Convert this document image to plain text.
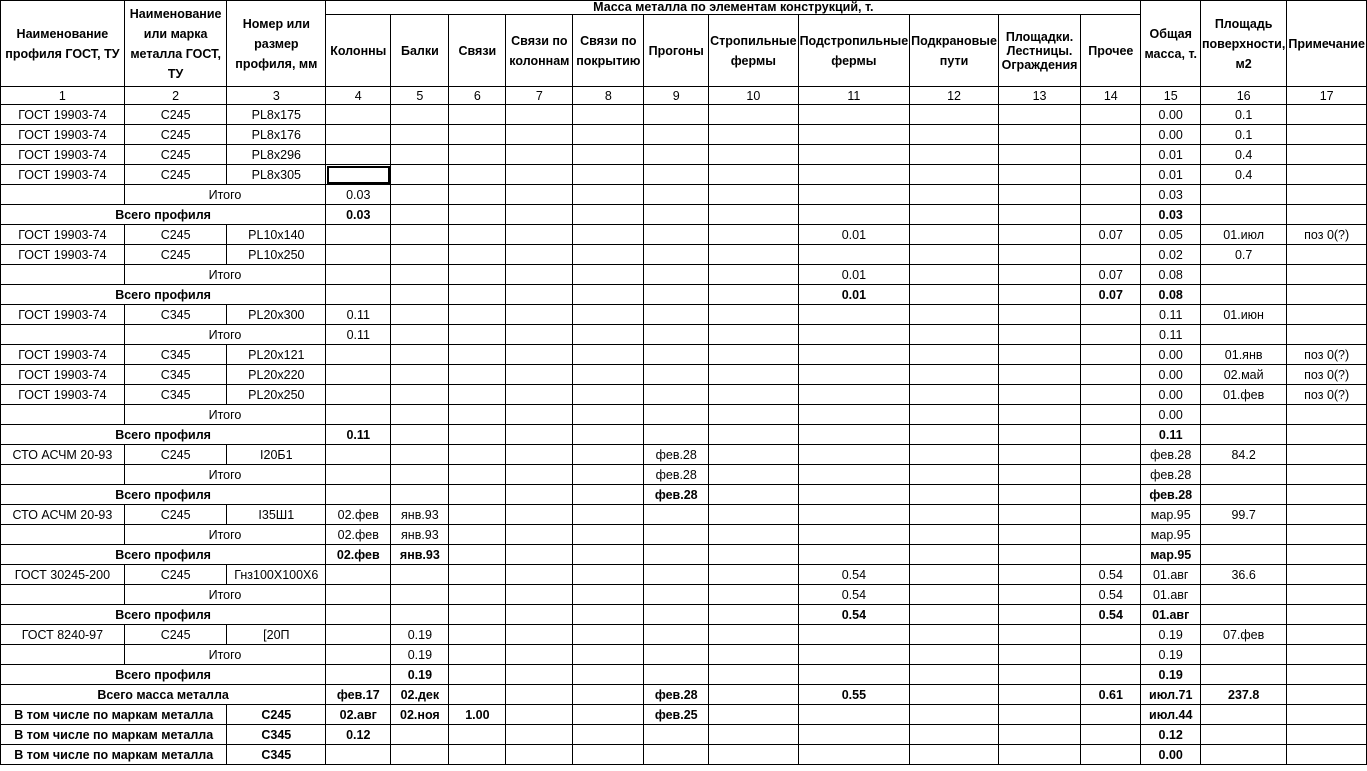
Наименование профиля ГОСТ, ТУ	Наименование или марка металла ГОСТ, ТУ	Номер или размер профиля, мм	Масса металла по элементам конструкций, т.											Общая масса, т.	Площадь поверхности, м2	Примечание
			Колонны	Балки	Связи	Связи по колоннам	Связи по покрытию	Прогоны	Стропильные фермы	Подстропильные фермы	Подкрановые пути	Площадки. Лестницы. Ограждения	Прочее			
1	2	3	4	5	6	7	8	9	10	11	12	13	14	15	16	17
ГОСТ 19903-74	С245	PL8x175												0.00	0.1	
ГОСТ 19903-74	С245	PL8x176												0.00	0.1	
ГОСТ 19903-74	С245	PL8x296												0.01	0.4	
ГОСТ 19903-74	С245	PL8x305												0.01	0.4	
	Итого		0.03											0.03		
Всего профиля			0.03											0.03		
ГОСТ 19903-74	С245	PL10x140								0.01			0.07	0.05	01.июл	поз 0(?)
ГОСТ 19903-74	С245	PL10x250												0.02	0.7	
	Итого									0.01			0.07	0.08		
Всего профиля										0.01			0.07	0.08		
ГОСТ 19903-74	С345	PL20x300	0.11											0.11	01.июн	
	Итого		0.11											0.11		
ГОСТ 19903-74	С345	PL20x121												0.00	01.янв	поз 0(?)
ГОСТ 19903-74	С345	PL20x220												0.00	02.май	поз 0(?)
ГОСТ 19903-74	С345	PL20x250												0.00	01.фев	поз 0(?)
	Итого													0.00		
Всего профиля			0.11											0.11		
СТО АСЧМ 20-93	С245	I20Б1						фев.28						фев.28	84.2	
	Итого							фев.28						фев.28		
Всего профиля								фев.28						фев.28		
СТО АСЧМ 20-93	С245	I35Ш1	02.фев	янв.93										мар.95	99.7	
	Итого		02.фев	янв.93										мар.95		
Всего профиля			02.фев	янв.93										мар.95		
ГОСТ 30245-200	С245	Гнз100X100X6								0.54			0.54	01.авг	36.6	
	Итого									0.54			0.54	01.авг		
Всего профиля										0.54			0.54	01.авг		
ГОСТ 8240-97	С245	[20П		0.19										0.19	07.фев	
	Итого			0.19										0.19		
Всего профиля				0.19										0.19		
Всего масса металла			фев.17	02.дек				фев.28		0.55			0.61	июл.71	237.8	
В том числе по маркам металла		С245	02.авг	02.ноя	1.00			фев.25						июл.44		
В том числе по маркам металла		С345	0.12											0.12		
В том числе по маркам металла		С345												0.00		
